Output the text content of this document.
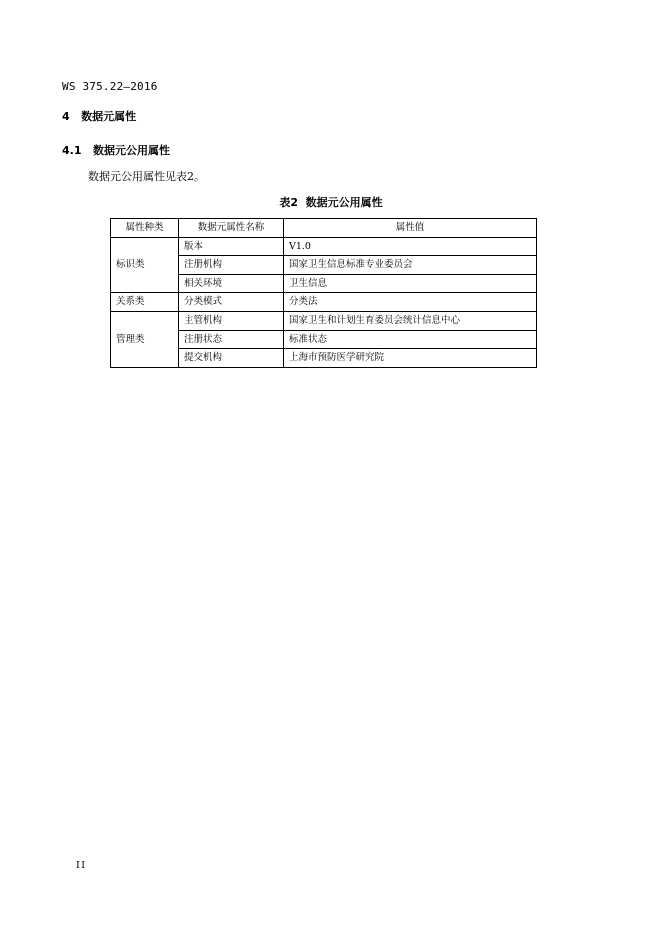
WS 375.22—2016
4 数据元属性
4.1 数据元公用属性
数据元公用属性见表2。
表2 数据元公用属性
属性种类	数据元属性名称	属性值
标识类	版本	V1.0
	注册机构	国家卫生信息标准专业委员会
	相关环境	卫生信息
关系类	分类模式	分类法
管理类	主管机构	国家卫生和计划生育委员会统计信息中心
	注册状态	标准状态
	提交机构	上海市预防医学研究院
II
